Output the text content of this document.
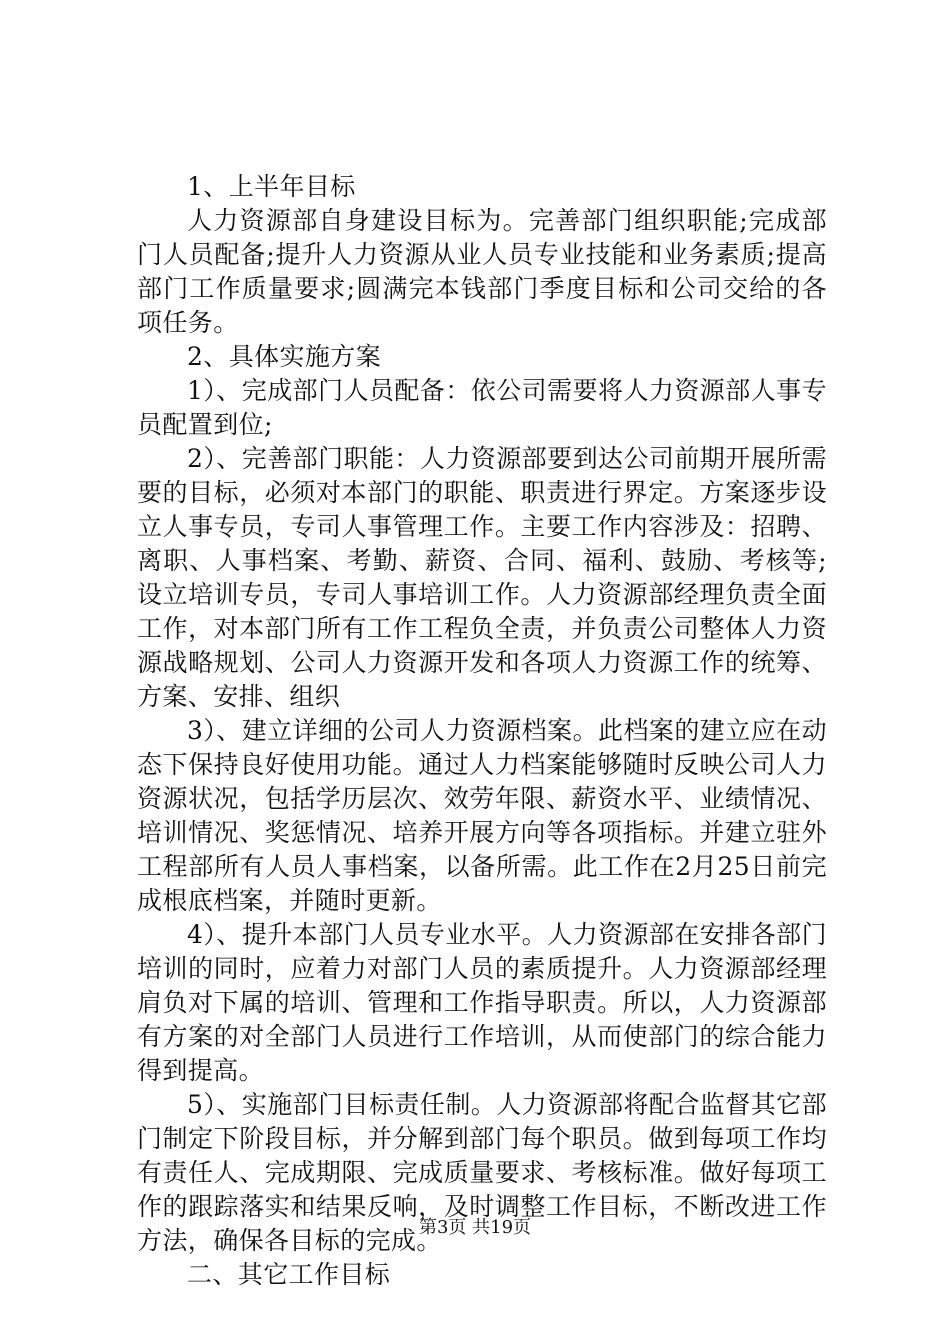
1、上半年目标

人力资源部自身建设目标为。完善部门组织职能;完成部门人员配备;提升人力资源从业人员专业技能和业务素质;提高部门工作质量要求;圆满完本钱部门季度目标和公司交给的各项任务。

2、具体实施方案

1）、完成部门人员配备：依公司需要将人力资源部人事专员配置到位;

2）、完善部门职能：人力资源部要到达公司前期开展所需要的目标，必须对本部门的职能、职责进行界定。方案逐步设立人事专员，专司人事管理工作。主要工作内容涉及：招聘、离职、人事档案、考勤、薪资、合同、福利、鼓励、考核等;设立培训专员，专司人事培训工作。人力资源部经理负责全面工作，对本部门所有工作工程负全责，并负责公司整体人力资源战略规划、公司人力资源开发和各项人力资源工作的统筹、方案、安排、组织

3）、建立详细的公司人力资源档案。此档案的建立应在动态下保持良好使用功能。通过人力档案能够随时反映公司人力资源状况，包括学历层次、效劳年限、薪资水平、业绩情况、培训情况、奖惩情况、培养开展方向等各项指标。并建立驻外工程部所有人员人事档案，以备所需。此工作在2月25日前完成根底档案，并随时更新。

4）、提升本部门人员专业水平。人力资源部在安排各部门培训的同时，应着力对部门人员的素质提升。人力资源部经理肩负对下属的培训、管理和工作指导职责。所以，人力资源部有方案的对全部门人员进行工作培训，从而使部门的综合能力得到提高。

5）、实施部门目标责任制。人力资源部将配合监督其它部门制定下阶段目标，并分解到部门每个职员。做到每项工作均有责任人、完成期限、完成质量要求、考核标准。做好每项工作的跟踪落实和结果反响，及时调整工作目标，不断改进工作方法，确保各目标的完成。

二、其它工作目标

第3页 共19页
